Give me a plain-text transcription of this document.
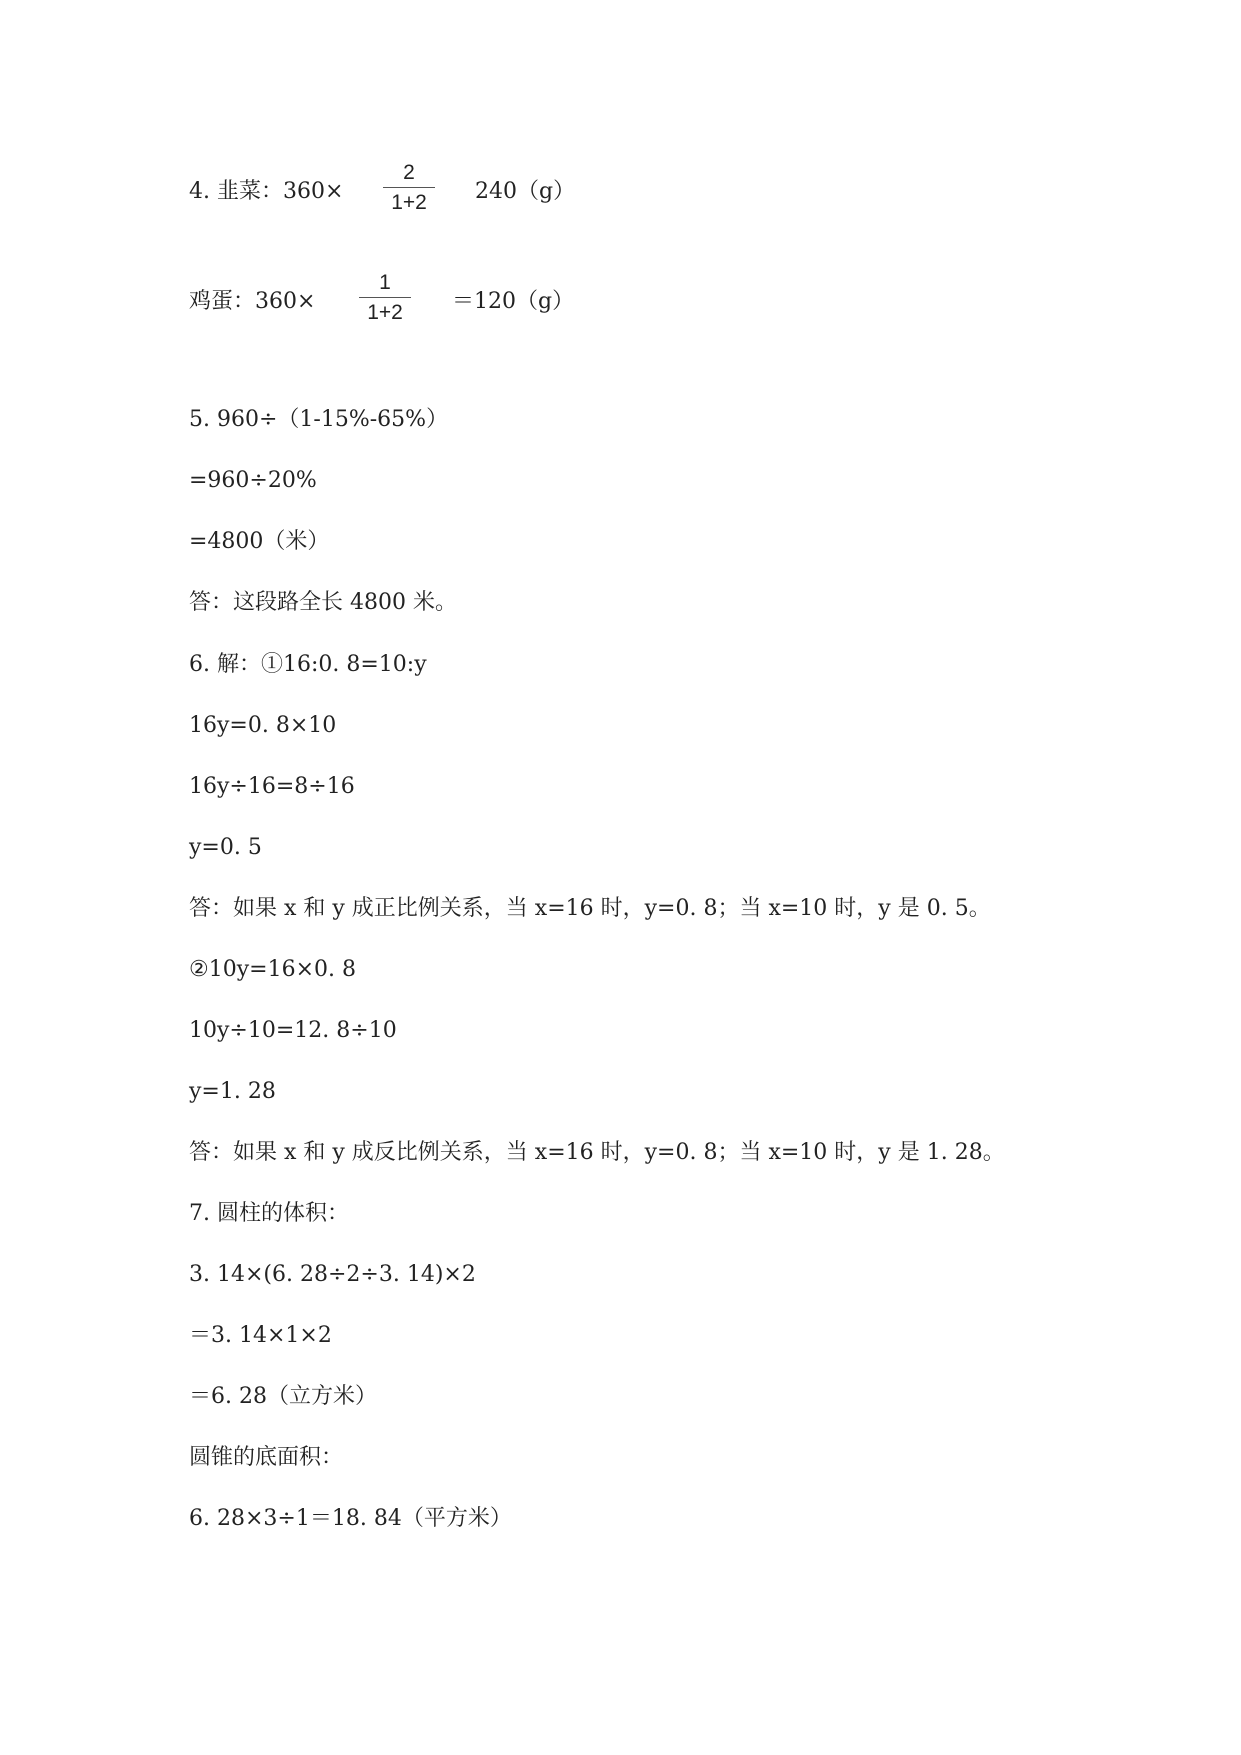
4. 韭菜：360×
2
1+2	240（g）
鸡蛋：360×
1
1+2	＝120（g）
5. 960÷（1-15%-65%）
=960÷20%
=4800（米）
答：这段路全长 4800 米。
6. 解：①16:0. 8=10:y
16y=0. 8×10
16y÷16=8÷16
y=0. 5
答：如果 x 和 y 成正比例关系，当 x=16 时，y=0. 8；当 x=10 时，y 是 0. 5。
②10y=16×0. 8
10y÷10=12. 8÷10
y=1. 28
答：如果 x 和 y 成反比例关系，当 x=16 时，y=0. 8；当 x=10 时，y 是 1. 28。
7. 圆柱的体积：
3. 14×(6. 28÷2÷3. 14)×2
＝3. 14×1×2
＝6. 28（立方米）
圆锥的底面积：
6. 28×3÷1＝18. 84（平方米）
